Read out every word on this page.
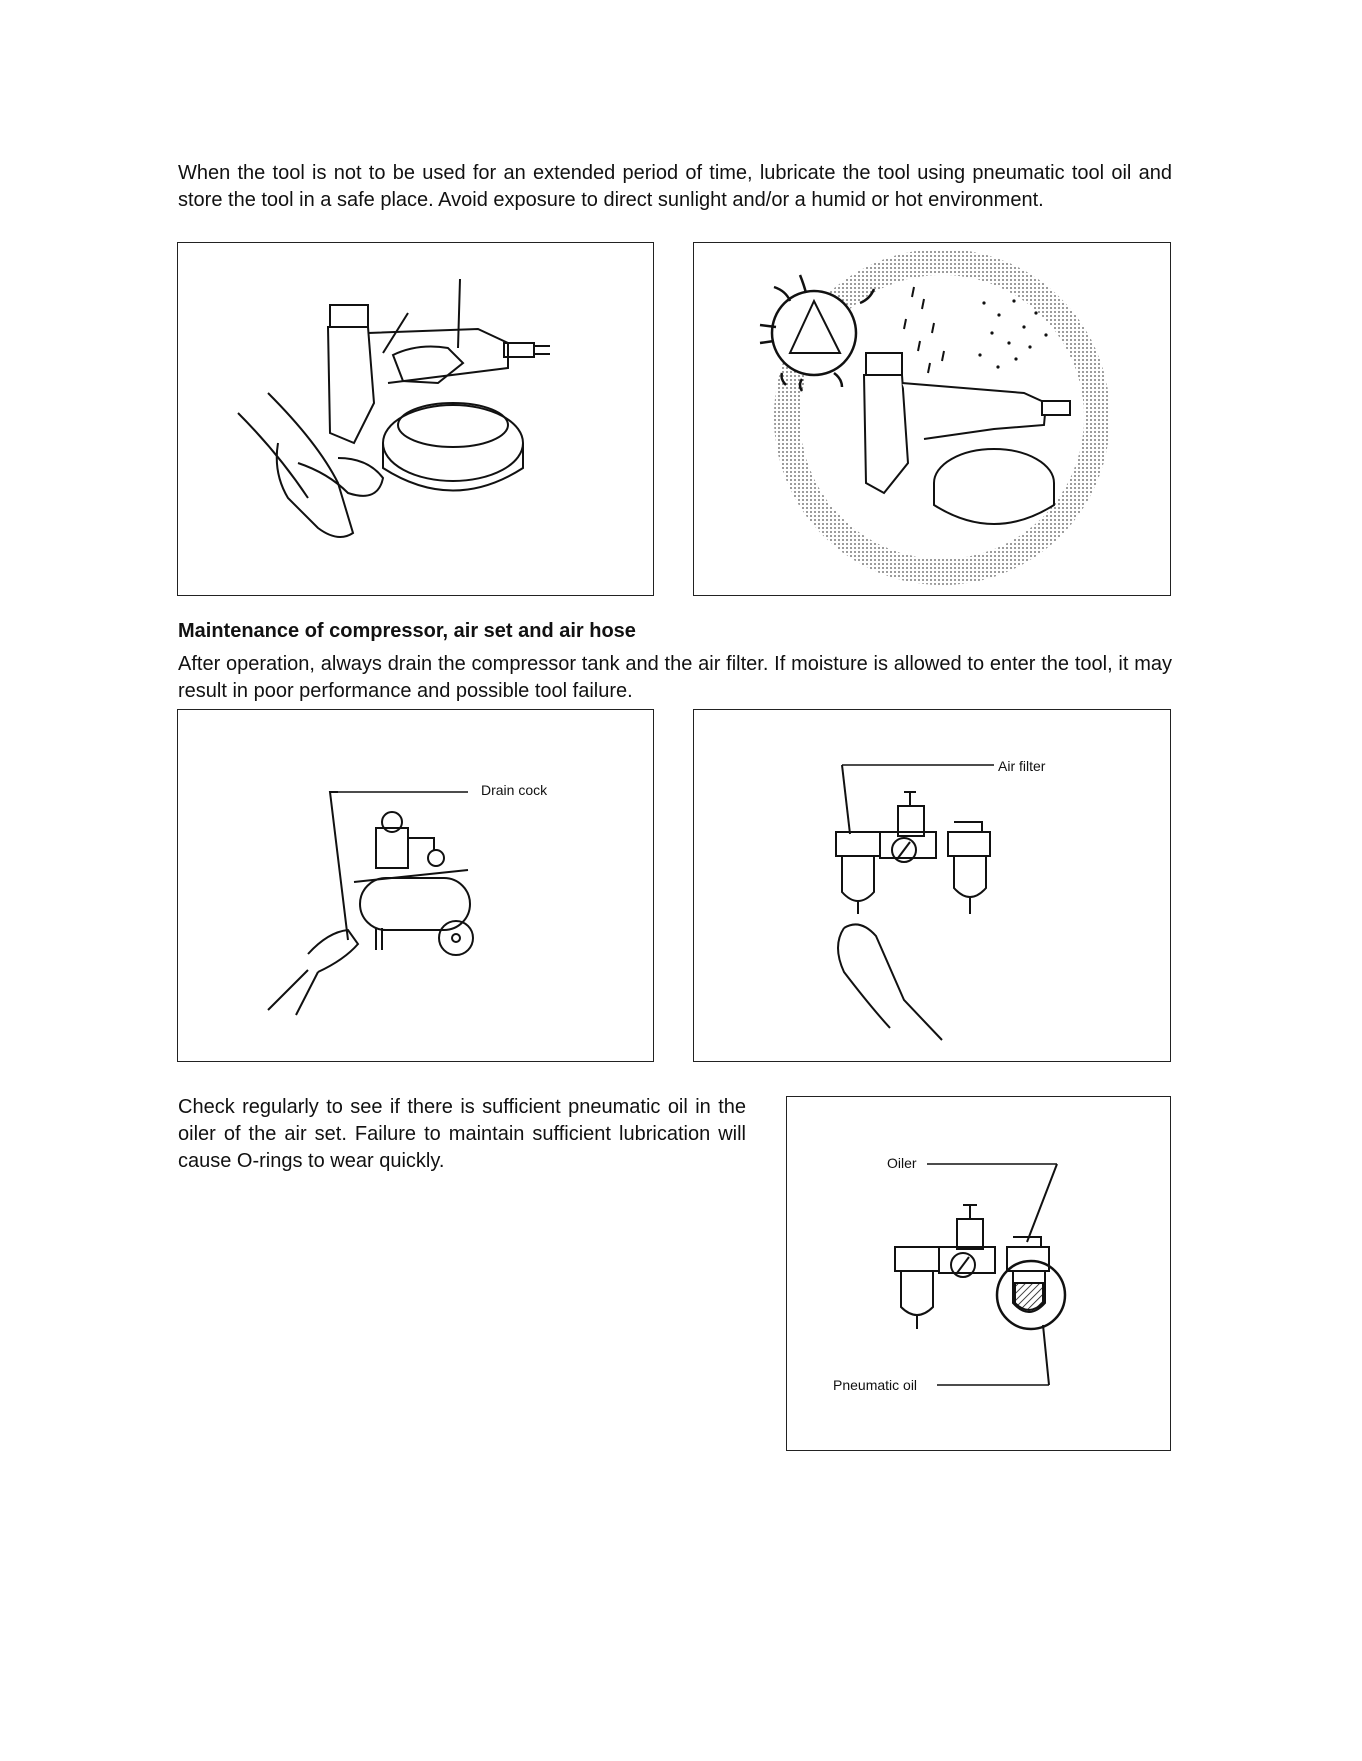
When the tool is not to be used for an extended period of time, lubricate the tool using pneumatic tool oil and store the tool in a safe place. Avoid exposure to direct sunlight and/or a humid or hot environment.

Maintenance of compressor, air set and air hose

After operation, always drain the compressor tank and the air filter. If moisture is allowed to enter the tool, it may result in poor performance and possible tool failure.

Drain cock
Air filter

Check regularly to see if there is sufficient pneumatic oil in the oiler of the air set. Failure to maintain sufficient lubrication will cause O-rings to wear quickly.	Oiler
Pneumatic oil
